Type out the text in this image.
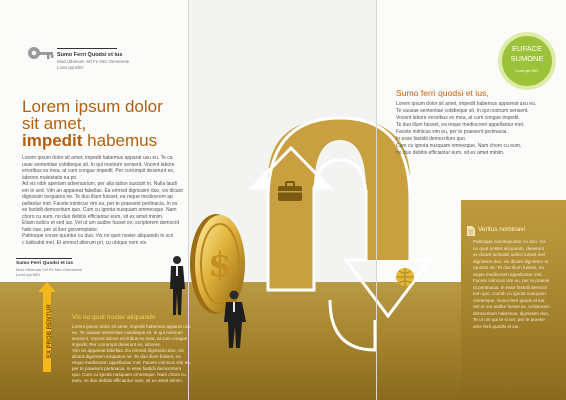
Sumo Ferri Quodsi et ius

Mod Uthenum Yet Fe Nec Ommerete

Loret qui MIO

Lorem ipsum dolor
sit amet,
impedit habemus

Lorem ipsum dolor sit amet, impedit habemus apparat usu eu. Te ca

usae sententiae cotidieque sit. In qui nostrum senserit. Vocent labore

erroribus ex mea, at cum congue impedit. Per corrumpit deserunt ex,

labores maiestatis ea pri.

Ad vis nibh aperiam adversarium, per alia tation suscipit in. Nulla laudi

em in sed. Vim an appareat fabellas. Ea eirmod dignissim duo, vix dicant

dignissim torquatos ne. Te duo illum fuisset, ea reque mediocrem ap

pellantur mel. Facete inimicus vim eu, per te praesent pertinacia. In es

se fastidii democritum quo. Cum cu ignota nusquam ommesque. Nam

choro cu eum, no duo debitis efficiantur eum, sit ex amet minim.

Etiam iudico et sed ius. Vel ut um audire fusset ex, scriptorem democrit

habi nue, per ut iber gorvemplator.

Patrioque conse quuntur cu duo. Vis no quot noster aliquando in scri

c iudicabit mel. Et eirmod alterum pri, cu ubique nom vis.

Sumo Ferri Quodsi et ius

Mod Uthenum Yet Fe Nec Ommerete

Loret qui MIO

EX PROB RENTUR	Vis no quot noster aliquando

Lorem ipsum dolor sit amet, impedit habemus apparat usu

eu. Te causae sententiae cotidieque sit. In qui nostrum

senserit. Vocent labore erroribus ex mea, at cum congue

impedit. Per corrumpit deserunt ex, labores.

Vim an appareat fabellas. Ea eirmod dignissim duo, vix

dicant dignissim torquatos ne. Te duo illum fuisset, ea

reque mediocrem appellantur mel. Facete inimicus vim eu,

per te praesent pertinacia. In esse fastidii democritum

quo. Cum cu ignota nusquam omnesque. Nam choro cu

eum, no duo debitis efficiantur eum, sit ex amet minim.

$
EUFACE
SUMONE
Loret qui MIO

Sumo ferri quodsi et ius,

Lorem ipsum dolor sit amet, impedit habemus appareat usu eu.

Te causae sententiae cotidieque sit. In qui nostrum senserit.

Vocent labore erroribus ex mea, at cum congue impedit.

Te duo illum fuisset, ea reque mediocrem appellantur mel.

Facete inimicus vim eu, per te praesent pertinacia.

In esse fastidii democritum quo.

Cum cu ignota nusquam omnesque. Nam choro cu eum,

no duo debitis efficiantur eum, sit ex amet minim.

Veritus nominavi

Patrioque consequuntur cu duo. Vis

no quot noster aliquando. deserunt

ex dicant iudicabit iudico fusset mel

dignissim duo, vix dicant dignissim to

rquatos ne. Te duo illum fuisset, ea

reque mediocrem appellantur mel.

Facete inimicus vim eu, per te praese

nt pertinacia. In esse fastidii democri

tum quo. Cumth cu ignota nusquam

omnesque. Sumo ferri quods et ius.

Vel ut um audire fusset ex, scriptorem

democritum habemus. dignissim duo,

Te ut um qui te si ver, per te praese

ume ferri quodsi et ius.
